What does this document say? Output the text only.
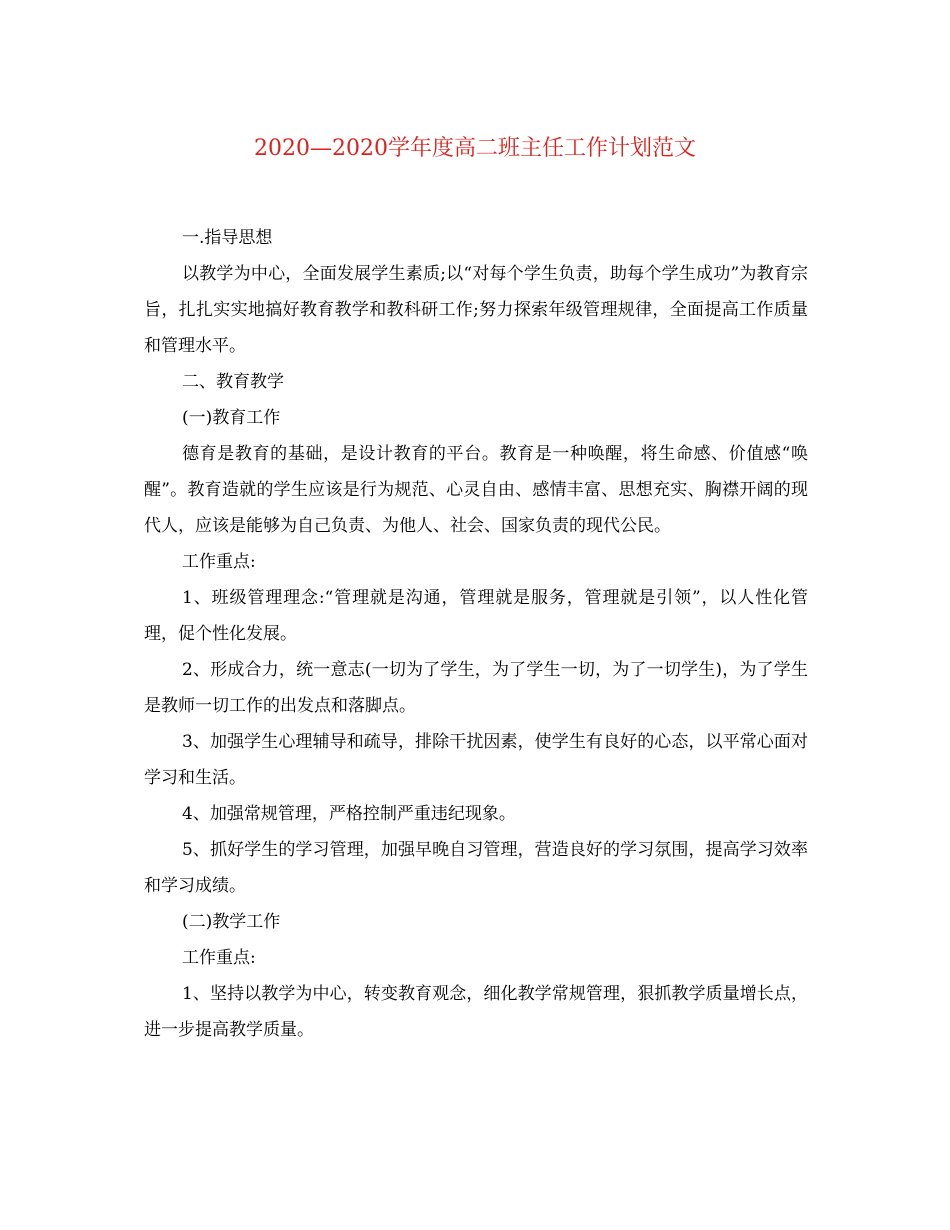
2020—2020学年度高二班主任工作计划范文

一.指导思想

以教学为中心，全面发展学生素质;以“对每个学生负责，助每个学生成功”为教育宗旨，扎扎实实地搞好教育教学和教科研工作;努力探索年级管理规律，全面提高工作质量和管理水平。

二、教育教学

(一)教育工作

德育是教育的基础，是设计教育的平台。教育是一种唤醒，将生命感、价值感“唤醒”。教育造就的学生应该是行为规范、心灵自由、感情丰富、思想充实、胸襟开阔的现代人，应该是能够为自己负责、为他人、社会、国家负责的现代公民。

工作重点:

1、班级管理理念:“管理就是沟通，管理就是服务，管理就是引领”，以人性化管理，促个性化发展。

2、形成合力，统一意志(一切为了学生，为了学生一切，为了一切学生)，为了学生是教师一切工作的出发点和落脚点。

3、加强学生心理辅导和疏导，排除干扰因素，使学生有良好的心态，以平常心面对学习和生活。

4、加强常规管理，严格控制严重违纪现象。

5、抓好学生的学习管理，加强早晚自习管理，营造良好的学习氛围，提高学习效率和学习成绩。

(二)教学工作

工作重点:

1、坚持以教学为中心，转变教育观念，细化教学常规管理，狠抓教学质量增长点，进一步提高教学质量。
